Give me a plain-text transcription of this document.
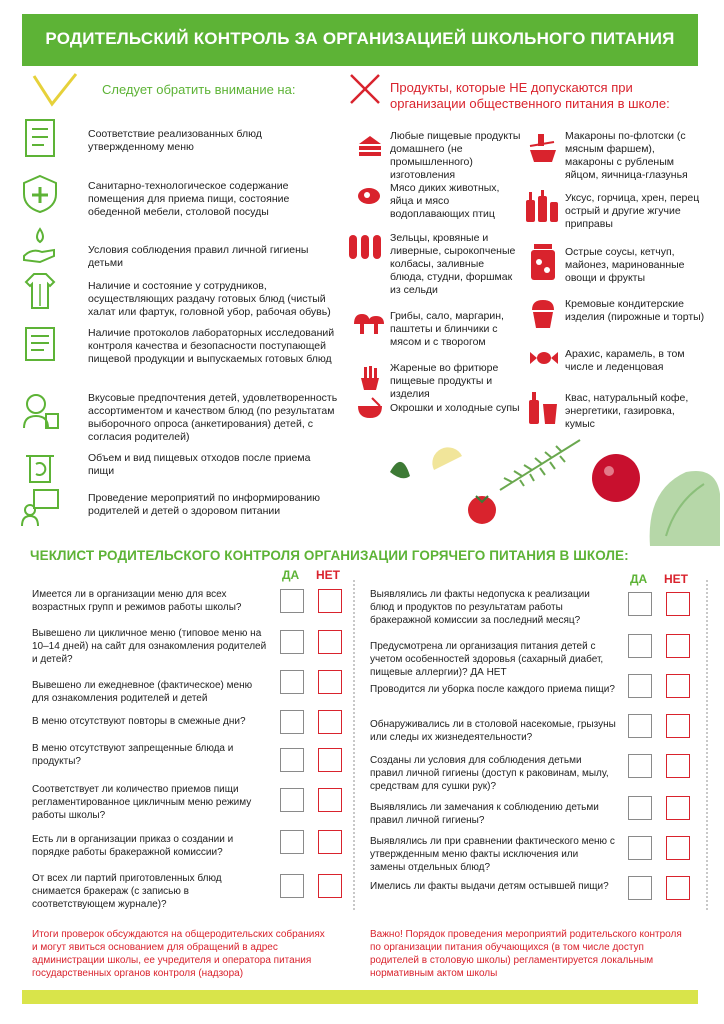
РОДИТЕЛЬСКИЙ КОНТРОЛЬ ЗА ОРГАНИЗАЦИЕЙ ШКОЛЬНОГО ПИТАНИЯ
Следует обратить внимание на:	Продукты, которые НЕ допускаются при организации общественного питания в школе:
Соответствие реализованных блюд утвержденному меню
Санитарно-технологическое содержание помещения для приема пищи, состояние обеденной мебели, столовой посуды
Условия соблюдения правил личной гигиены детьми
Наличие и состояние у сотрудников, осуществляющих раздачу готовых блюд (чистый халат или фартук, головной убор, рабочая обувь)
Наличие протоколов лабораторных исследований контроля качества и безопасности поступающей пищевой продукции и выпускаемых готовых блюд
Вкусовые предпочтения детей, удовлетворенность ассортиментом и качеством блюд (по результатам выборочного опроса (анкетирования) детей, с согласия родителей)
Объем и вид пищевых отходов после приема пищи
Проведение мероприятий по информированию родителей и детей о здоровом питании
Любые пищевые продукты домашнего (не промышленного) изготовления
Мясо диких животных, яйца и мясо водоплавающих птиц
Зельцы, кровяные и ливерные, сырокопченые колбасы, заливные блюда, студни, форшмак из сельди
Грибы, сало, маргарин, паштеты и блинчики с мясом и с творогом
Жареные во фритюре пищевые продукты и изделия
Окрошки и холодные супы
Макароны по-флотски (с мясным фаршем), макароны с рубленым яйцом, яичница-глазунья
Уксус, горчица, хрен, перец острый и другие жгучие приправы
Острые соусы, кетчуп, майонез, маринованные овощи и фрукты
Кремовые кондитерские изделия (пирожные и торты)
Арахис, карамель, в том числе и леденцовая
Квас, натуральный кофе, энергетики, газировка, кумыс
ЧЕКЛИСТ РОДИТЕЛЬСКОГО КОНТРОЛЯ ОРГАНИЗАЦИИ ГОРЯЧЕГО ПИТАНИЯ В ШКОЛЕ:
ДА НЕТ	ДА НЕТ
Имеется ли в организации меню для всех возрастных групп и режимов работы школы?
Вывешено ли цикличное меню (типовое меню на 10–14 дней) на сайт для ознакомления родителей и детей?
Вывешено ли ежедневное (фактическое) меню для ознакомления родителей и детей
В меню отсутствуют повторы в смежные дни?
В меню отсутствуют запрещенные блюда и продукты?
Соответствует ли количество приемов пищи регламентированное цикличным меню режиму работы школы?
Есть ли в организации приказ о создании и порядке работы бракеражной комиссии?
От всех ли партий приготовленных блюд снимается бракераж (с записью в соответствующем журнале)?
Выявлялись ли факты недопуска к реализации блюд и продуктов по результатам работы бракеражной комиссии за последний месяц?
Предусмотрена ли организация питания детей с учетом особенностей здоровья (сахарный диабет, пищевые аллергии)? ДА НЕТ
Проводится ли уборка после каждого приема пищи?
Обнаруживались ли в столовой насекомые, грызуны или следы их жизнедеятельности?
Созданы ли условия для соблюдения детьми правил личной гигиены (доступ к раковинам, мылу, средствам для сушки рук)?
Выявлялись ли замечания к соблюдению детьми правил личной гигиены?
Выявлялись ли при сравнении фактического меню с утвержденным меню факты исключения или замены отдельных блюд?
Имелись ли факты выдачи детям остывшей пищи?
Итоги проверок обсуждаются на общеродительских собраниях и могут явиться основанием для обращений в адрес администрации школы, ее учредителя и оператора питания государственных органов контроля (надзора)
Важно! Порядок проведения мероприятий родительского контроля по организации питания обучающихся (в том числе доступ родителей в столовую школы) регламентируется локальным нормативным актом школы
